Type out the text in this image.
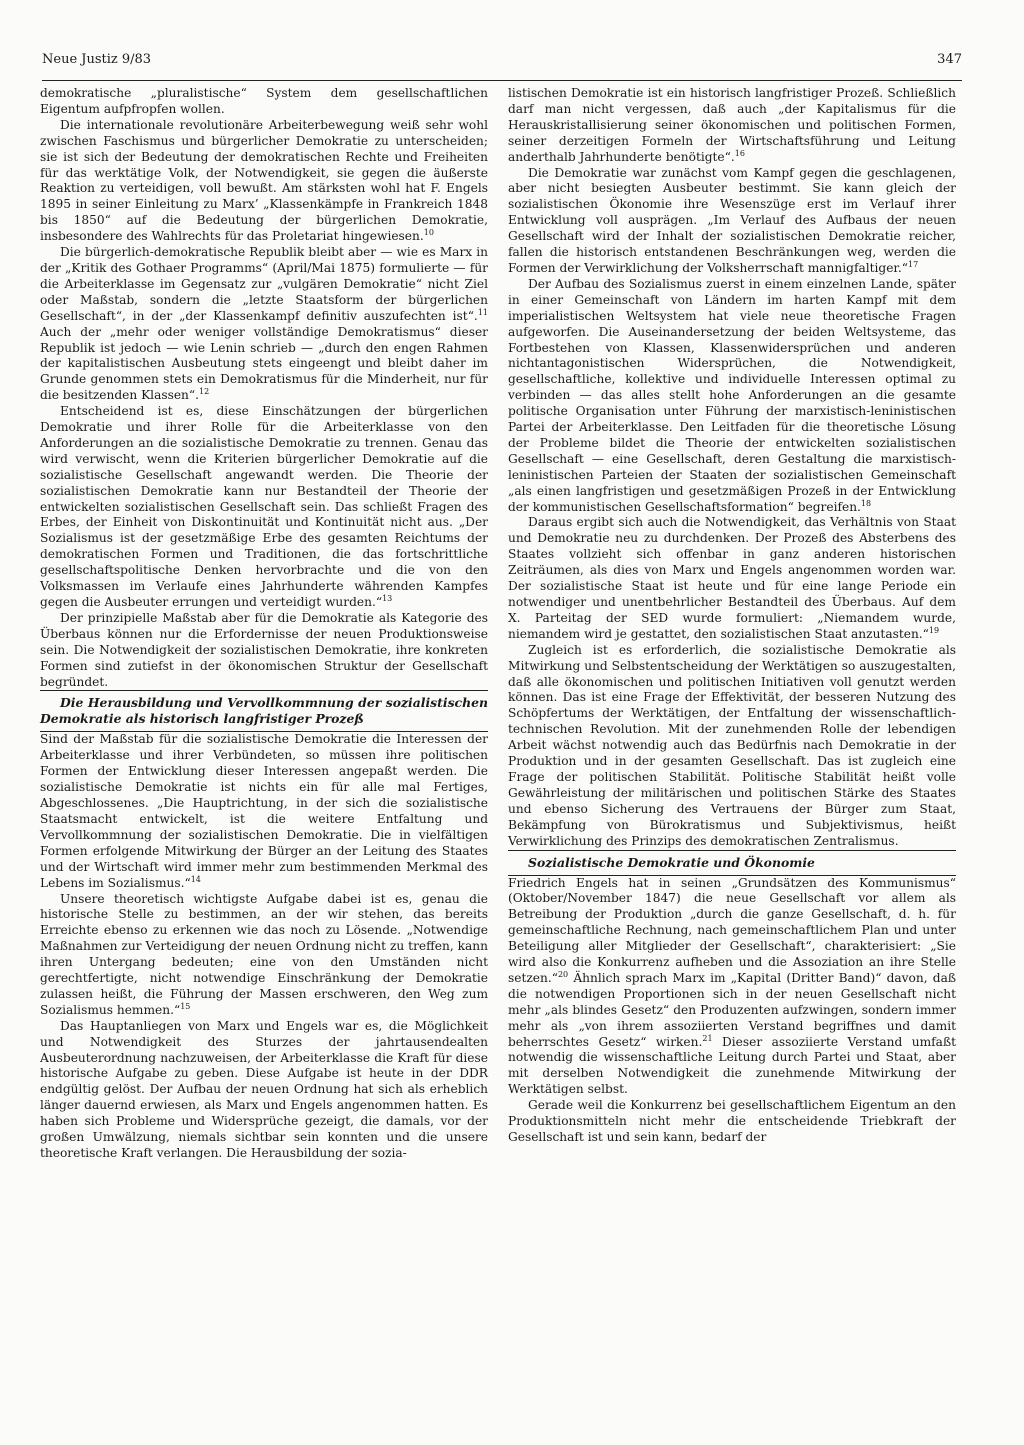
Neue Justiz 9/83	347

demokratische „pluralistische“ System dem gesellschaftlichen Eigentum aufpfropfen wollen.

Die internationale revolutionäre Arbeiterbewegung weiß sehr wohl zwischen Faschismus und bürgerlicher Demokratie zu unterscheiden; sie ist sich der Bedeutung der demokratischen Rechte und Freiheiten für das werktätige Volk, der Notwendigkeit, sie gegen die äußerste Reaktion zu verteidigen, voll bewußt. Am stärksten wohl hat F. Engels 1895 in seiner Einleitung zu Marx’ „Klassenkämpfe in Frankreich 1848 bis 1850“ auf die Bedeutung der bürgerlichen Demokratie, insbesondere des Wahlrechts für das Proletariat hingewiesen.$^{10}$

Die bürgerlich-demokratische Republik bleibt aber — wie es Marx in der „Kritik des Gothaer Programms“ (April/Mai 1875) formulierte — für die Arbeiterklasse im Gegensatz zur „vulgären Demokratie“ nicht Ziel oder Maßstab, sondern die „letzte Staatsform der bürgerlichen Gesellschaft“, in der „der Klassenkampf definitiv auszufechten ist“.$^{11}$ Auch der „mehr oder weniger vollständige Demokratismus“ dieser Republik ist jedoch — wie Lenin schrieb — „durch den engen Rahmen der kapitalistischen Ausbeutung stets eingeengt und bleibt daher im Grunde genommen stets ein Demokratismus für die Minderheit, nur für die besitzenden Klassen“.$^{12}$

Entscheidend ist es, diese Einschätzungen der bürgerlichen Demokratie und ihrer Rolle für die Arbeiterklasse von den Anforderungen an die sozialistische Demokratie zu trennen. Genau das wird verwischt, wenn die Kriterien bürgerlicher Demokratie auf die sozialistische Gesellschaft angewandt werden. Die Theorie der sozialistischen Demokratie kann nur Bestandteil der Theorie der entwickelten sozialistischen Gesellschaft sein. Das schließt Fragen des Erbes, der Einheit von Diskontinuität und Kontinuität nicht aus. „Der Sozialismus ist der gesetzmäßige Erbe des gesamten Reichtums der demokratischen Formen und Traditionen, die das fortschrittliche gesellschaftspolitische Denken hervorbrachte und die von den Volksmassen im Verlaufe eines Jahrhunderte währenden Kampfes gegen die Ausbeuter errungen und verteidigt wurden.“$^{13}$

Der prinzipielle Maßstab aber für die Demokratie als Kategorie des Überbaus können nur die Erfordernisse der neuen Produktionsweise sein. Die Notwendigkeit der sozialistischen Demokratie, ihre konkreten Formen sind zutiefst in der ökonomischen Struktur der Gesellschaft begründet.

Die Herausbildung und Vervollkommnung der sozialistischen Demokratie als historisch langfristiger Prozeß

Sind der Maßstab für die sozialistische Demokratie die Interessen der Arbeiterklasse und ihrer Verbündeten, so müssen ihre politischen Formen der Entwicklung dieser Interessen angepaßt werden. Die sozialistische Demokratie ist nichts ein für alle mal Fertiges, Abgeschlossenes. „Die Hauptrichtung, in der sich die sozialistische Staatsmacht entwickelt, ist die weitere Entfaltung und Vervollkommnung der sozialistischen Demokratie. Die in vielfältigen Formen erfolgende Mitwirkung der Bürger an der Leitung des Staates und der Wirtschaft wird immer mehr zum bestimmenden Merkmal des Lebens im Sozialismus.“$^{14}$

Unsere theoretisch wichtigste Aufgabe dabei ist es, genau die historische Stelle zu bestimmen, an der wir stehen, das bereits Erreichte ebenso zu erkennen wie das noch zu Lösende. „Notwendige Maßnahmen zur Verteidigung der neuen Ordnung nicht zu treffen, kann ihren Untergang bedeuten; eine von den Umständen nicht gerechtfertigte, nicht notwendige Einschränkung der Demokratie zulassen heißt, die Führung der Massen erschweren, den Weg zum Sozialismus hemmen.“$^{15}$

Das Hauptanliegen von Marx und Engels war es, die Möglichkeit und Notwendigkeit des Sturzes der jahrtausendealten Ausbeuterordnung nachzuweisen, der Arbeiterklasse die Kraft für diese historische Aufgabe zu geben. Diese Aufgabe ist heute in der DDR endgültig gelöst. Der Aufbau der neuen Ordnung hat sich als erheblich länger dauernd erwiesen, als Marx und Engels angenommen hatten. Es haben sich Probleme und Widersprüche gezeigt, die damals, vor der großen Umwälzung, niemals sichtbar sein konnten und die unsere theoretische Kraft verlangen. Die Herausbildung der sozia-

listischen Demokratie ist ein historisch langfristiger Prozeß. Schließlich darf man nicht vergessen, daß auch „der Kapitalismus für die Herauskristallisierung seiner ökonomischen und politischen Formen, seiner derzeitigen Formeln der Wirtschaftsführung und Leitung anderthalb Jahrhunderte benötigte“.$^{16}$

Die Demokratie war zunächst vom Kampf gegen die geschlagenen, aber nicht besiegten Ausbeuter bestimmt. Sie kann gleich der sozialistischen Ökonomie ihre Wesenszüge erst im Verlauf ihrer Entwicklung voll ausprägen. „Im Verlauf des Aufbaus der neuen Gesellschaft wird der Inhalt der sozialistischen Demokratie reicher, fallen die historisch entstandenen Beschränkungen weg, werden die Formen der Verwirklichung der Volksherrschaft mannigfaltiger.“$^{17}$

Der Aufbau des Sozialismus zuerst in einem einzelnen Lande, später in einer Gemeinschaft von Ländern im harten Kampf mit dem imperialistischen Weltsystem hat viele neue theoretische Fragen aufgeworfen. Die Auseinandersetzung der beiden Weltsysteme, das Fortbestehen von Klassen, Klassenwidersprüchen und anderen nichtantagonistischen Widersprüchen, die Notwendigkeit, gesellschaftliche, kollektive und individuelle Interessen optimal zu verbinden — das alles stellt hohe Anforderungen an die gesamte politische Organisation unter Führung der marxistisch-leninistischen Partei der Arbeiterklasse. Den Leitfaden für die theoretische Lösung der Probleme bildet die Theorie der entwickelten sozialistischen Gesellschaft — eine Gesellschaft, deren Gestaltung die marxistisch-leninistischen Parteien der Staaten der sozialistischen Gemeinschaft „als einen langfristigen und gesetzmäßigen Prozeß in der Entwicklung der kommunistischen Gesellschaftsformation“ begreifen.$^{18}$

Daraus ergibt sich auch die Notwendigkeit, das Verhältnis von Staat und Demokratie neu zu durchdenken. Der Prozeß des Absterbens des Staates vollzieht sich offenbar in ganz anderen historischen Zeiträumen, als dies von Marx und Engels angenommen worden war. Der sozialistische Staat ist heute und für eine lange Periode ein notwendiger und unentbehrlicher Bestandteil des Überbaus. Auf dem X. Parteitag der SED wurde formuliert: „Niemandem wurde, niemandem wird je gestattet, den sozialistischen Staat anzutasten.“$^{19}$

Zugleich ist es erforderlich, die sozialistische Demokratie als Mitwirkung und Selbstentscheidung der Werktätigen so auszugestalten, daß alle ökonomischen und politischen Initiativen voll genutzt werden können. Das ist eine Frage der Effektivität, der besseren Nutzung des Schöpfertums der Werktätigen, der Entfaltung der wissenschaftlich-technischen Revolution. Mit der zunehmenden Rolle der lebendigen Arbeit wächst notwendig auch das Bedürfnis nach Demokratie in der Produktion und in der gesamten Gesellschaft. Das ist zugleich eine Frage der politischen Stabilität. Politische Stabilität heißt volle Gewährleistung der militärischen und politischen Stärke des Staates und ebenso Sicherung des Vertrauens der Bürger zum Staat, Bekämpfung von Bürokratismus und Subjektivismus, heißt Verwirklichung des Prinzips des demokratischen Zentralismus.

Sozialistische Demokratie und Ökonomie

Friedrich Engels hat in seinen „Grundsätzen des Kommunismus“ (Oktober/November 1847) die neue Gesellschaft vor allem als Betreibung der Produktion „durch die ganze Gesellschaft, d. h. für gemeinschaftliche Rechnung, nach gemeinschaftlichem Plan und unter Beteiligung aller Mitglieder der Gesellschaft“, charakterisiert: „Sie wird also die Konkurrenz aufheben und die Assoziation an ihre Stelle setzen.“$^{20}$ Ähnlich sprach Marx im „Kapital (Dritter Band)“ davon, daß die notwendigen Proportionen sich in der neuen Gesellschaft nicht mehr „als blindes Gesetz“ den Produzenten aufzwingen, sondern immer mehr als „von ihrem assoziierten Verstand begriffnes und damit beherrschtes Gesetz“ wirken.$^{21}$ Dieser assoziierte Verstand umfaßt notwendig die wissenschaftliche Leitung durch Partei und Staat, aber mit derselben Notwendigkeit die zunehmende Mitwirkung der Werktätigen selbst.

Gerade weil die Konkurrenz bei gesellschaftlichem Eigentum an den Produktionsmitteln nicht mehr die entscheidende Triebkraft der Gesellschaft ist und sein kann, bedarf der
